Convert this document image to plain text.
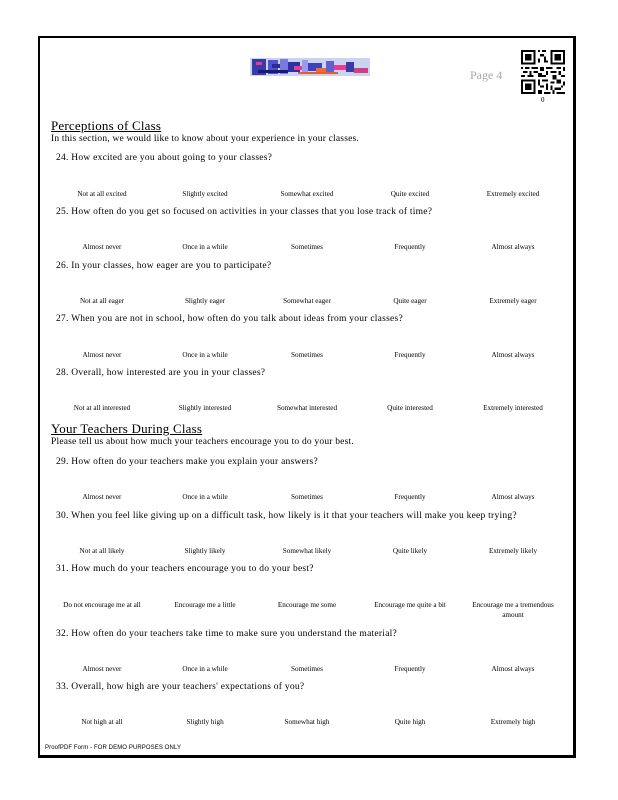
Page 4
0
Perceptions of Class
In this section, we would like to know about your experience in your classes.
24. How excited are you about going to your classes?
Not at all excited	Slightly excited	Somewhat excited	Quite excited	Extremely excited
25. How often do you get so focused on activities in your classes that you lose track of time?
Almost never	Once in a while	Sometimes	Frequently	Almost always
26. In your classes, how eager are you to participate?
Not at all eager	Slightly eager	Somewhat eager	Quite eager	Extremely eager
27. When you are not in school, how often do you talk about ideas from your classes?
Almost never	Once in a while	Sometimes	Frequently	Almost always
28. Overall, how interested are you in your classes?
Not at all interested	Slightly interested	Somewhat interested	Quite interested	Extremely interested
Your Teachers During Class
Please tell us about how much your teachers encourage you to do your best.
29. How often do your teachers make you explain your answers?
Almost never	Once in a while	Sometimes	Frequently	Almost always
30. When you feel like giving up on a difficult task, how likely is it that your teachers will make you keep trying?
Not at all likely	Slightly likely	Somewhat likely	Quite likely	Extremely likely
31. How much do your teachers encourage you to do your best?
Do not encourage me at all	Encourage me a little	Encourage me some	Encourage me quite a bit	Encourage me a tremendous amount
32. How often do your teachers take time to make sure you understand the material?
Almost never	Once in a while	Sometimes	Frequently	Almost always
33. Overall, how high are your teachers' expectations of you?
Not high at all	Slightly high	Somewhat high	Quite high	Extremely high
ProofPDF Form - FOR DEMO PURPOSES ONLY
